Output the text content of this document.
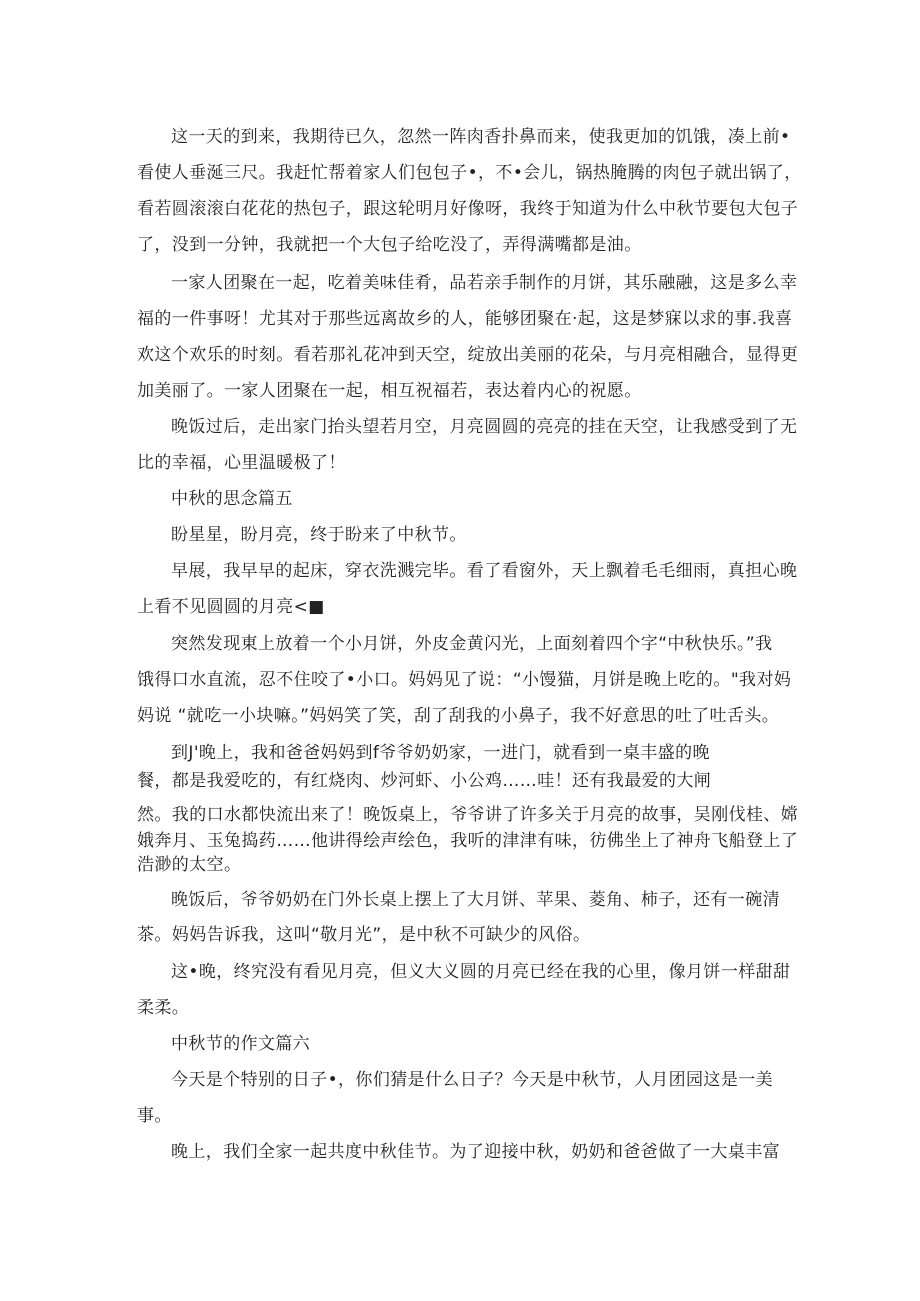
这一天的到来，我期待已久，忽然一阵肉香扑鼻而来，使我更加的饥饿，凑上前•

看使人垂涎三尺。我赶忙帮着家人们包包子•，不•会儿，锅热腌腾的肉包子就出锅了，

看若圆滚滚白花花的热包子，跟这轮明月好像呀，我终于知道为什么中秋节要包大包子

了，没到一分钟，我就把一个大包子给吃没了，弄得满嘴都是油。

一家人团聚在一起，吃着美味佳肴，品若亲手制作的月饼，其乐融融，这是多么幸

福的一件事呀！尤其对于那些远离故乡的人，能够团聚在·起，这是梦寐以求的事.我喜

欢这个欢乐的时刻。看若那礼花冲到天空，绽放出美丽的花朵，与月亮相融合，显得更

加美丽了。一家人团聚在一起，相互祝福若，表达着内心的祝愿。

晚饭过后，走出家门抬头望若月空，月亮圆圆的亮亮的挂在天空，让我感受到了无

比的幸福，心里温暖极了！

中秋的思念篇五

盼星星，盼月亮，终于盼来了中秋节。

早展，我早早的起床，穿衣洗溅完毕。看了看窗外，天上飘着毛毛细雨，真担心晚

上看不见圆圆的月亮<■

突然发现東上放着一个小月饼，外皮金黄闪光，上面刻着四个字“中秋快乐。”我

饿得口水直流，忍不住咬了•小口。妈妈见了说：“小馒猫，月饼是晚上吃的。"我对妈

妈说 “就吃一小块嘛。”妈妈笑了笑，刮了刮我的小鼻子，我不好意思的吐了吐舌头。

到J'晚上，我和爸爸妈妈到f爷爷奶奶家，一进门，就看到一桌丰盛的晚

餐，都是我爱吃的，有红烧肉、炒河虾、小公鸡……哇！还有我最爱的大闸

然。我的口水都快流出来了！晚饭桌上，爷爷讲了许多关于月亮的故事，吴刚伐桂、嫦

娥奔月、玉兔捣药……他讲得绘声绘色，我听的津津有味，彷佛坐上了神舟飞船登上了

浩渺的太空。

晚饭后，爷爷奶奶在门外长桌上摆上了大月饼、苹果、菱角、柿子，还有一碗清

茶。妈妈告诉我，这叫“敬月光”，是中秋不可缺少的风俗。

这•晚，终究没有看见月亮，但义大义圆的月亮已经在我的心里，像月饼一样甜甜

柔柔。

中秋节的作文篇六

今天是个特别的日子•，你们猜是什么日子？今天是中秋节，人月团园这是一美

事。

晚上，我们全家一起共度中秋佳节。为了迎接中秋，奶奶和爸爸做了一大桌丰富
